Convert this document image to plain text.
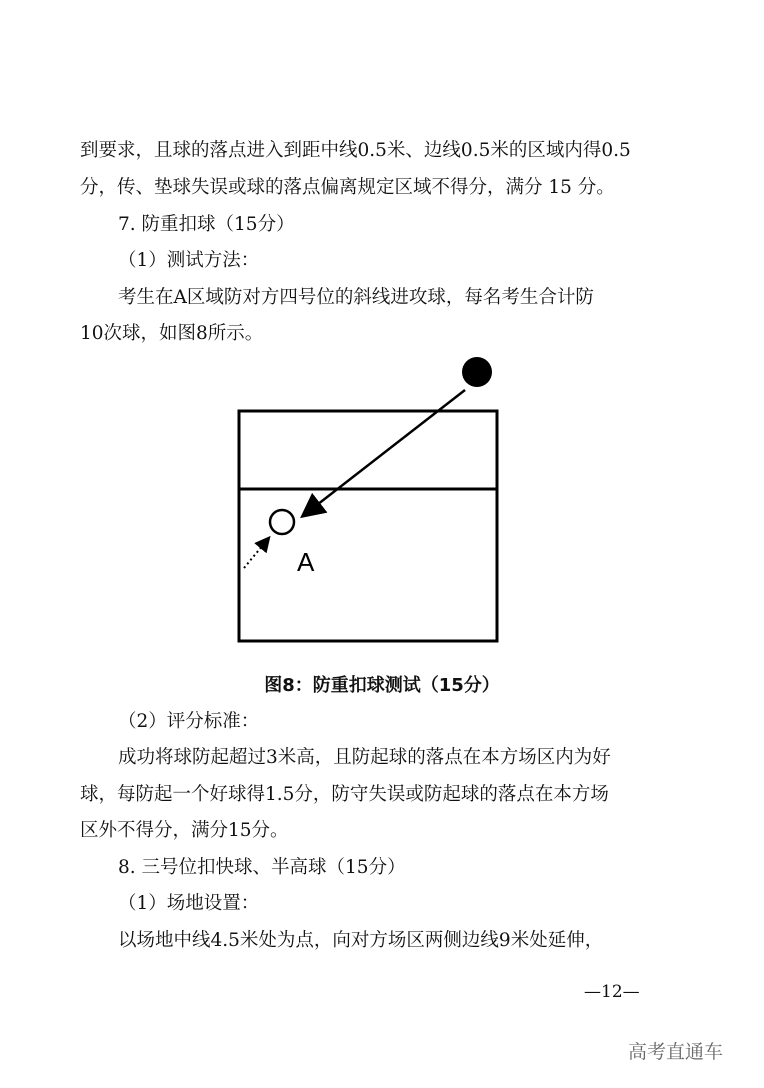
到要求，且球的落点进入到距中线0.5米、边线0.5米的区域内得0.5
分，传、垫球失误或球的落点偏离规定区域不得分，满分 15 分。
7. 防重扣球（15分）
（1）测试方法：
考生在A区域防对方四号位的斜线进攻球，每名考生合计防
10次球，如图8所示。
A
图8：防重扣球测试（15分）
（2）评分标准：
成功将球防起超过3米高，且防起球的落点在本方场区内为好
球，每防起一个好球得1.5分，防守失误或防起球的落点在本方场
区外不得分，满分15分。
8. 三号位扣快球、半高球（15分）
（1）场地设置：
以场地中线4.5米处为点，向对方场区两侧边线9米处延伸，
—12—
高考直通车
